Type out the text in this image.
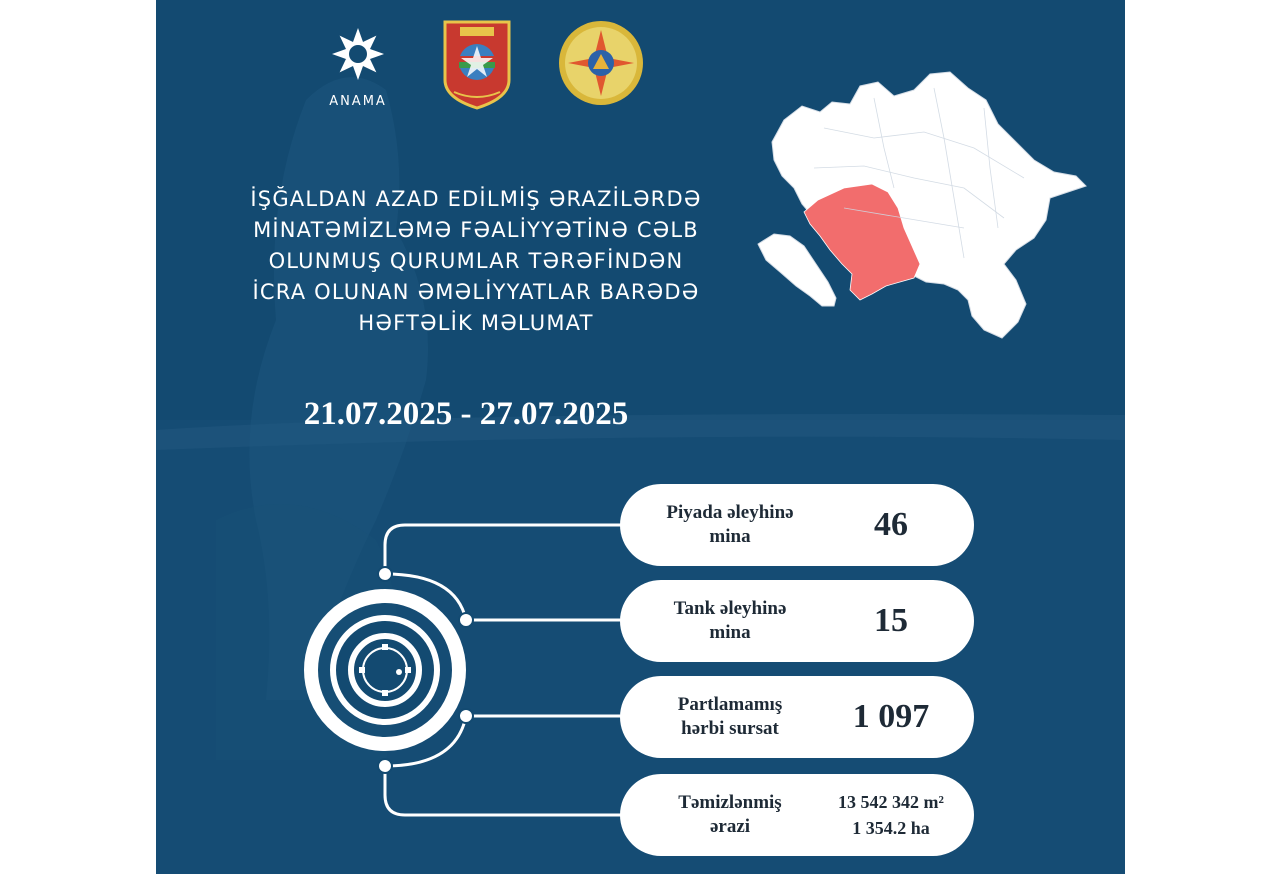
ANAMA
İŞĞALDAN AZAD EDİLMİŞ ƏRAZİLƏRDƏ
MİNATƏMİZLƏMƏ FƏALİYYƏTİNƏ CƏLB
OLUNMUŞ QURUMLAR TƏRƏFİNDƏN
İCRA OLUNAN ƏMƏLİYYATLAR BARƏDƏ
HƏFTƏLİK MƏLUMAT
21.07.2025 - 27.07.2025
Piyada əleyhinə
mina	46
Tank əleyhinə
mina	15
Partlamamış
hərbi sursat	1 097
Təmizlənmiş
ərazi
13 542 342 m²
1 354.2 ha
